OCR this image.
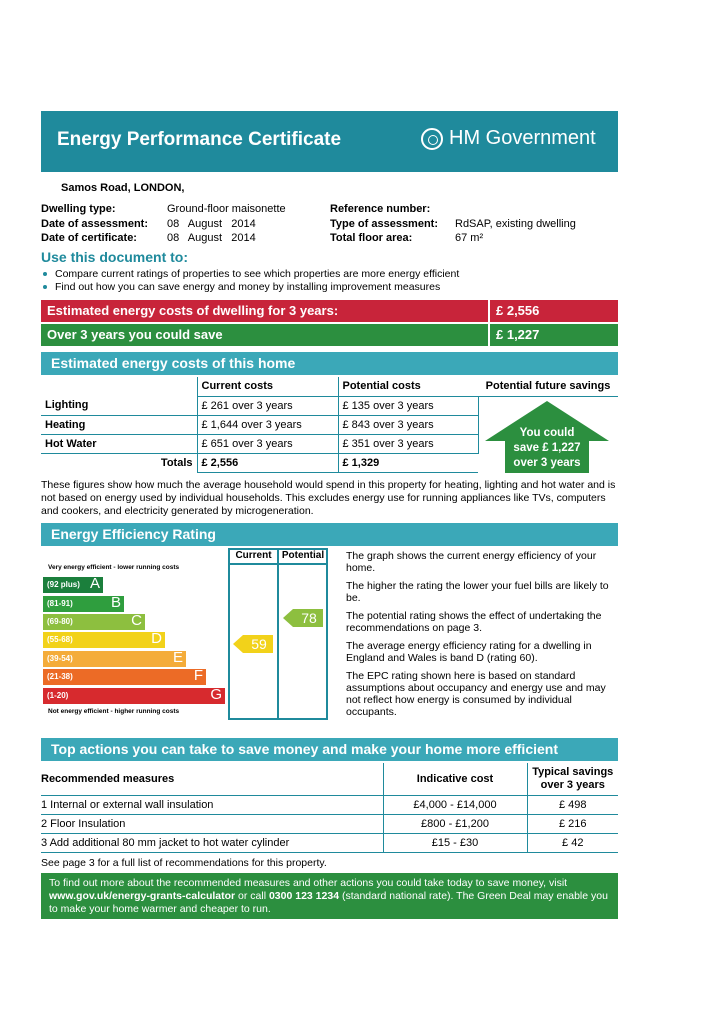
Energy Performance Certificate	HM Government
Samos Road, LONDON,
Dwelling type:	Ground-floor maisonette
Date of assessment:	08   August   2014
Date of certificate:	08   August   2014
Reference number:
Type of assessment:	RdSAP, existing dwelling
Total floor area:	67 m²
Use this document to:
Compare current ratings of properties to see which properties are more energy efficient
Find out how you can save energy and money by installing improvement measures
Estimated energy costs of dwelling for 3 years:	£ 2,556
Over 3 years you could save	£ 1,227
Estimated energy costs of this home
	Current costs	Potential costs
Lighting	£ 261 over 3 years	£ 135 over 3 years
Heating	£ 1,644 over 3 years	£ 843 over 3 years
Hot Water	£ 651 over 3 years	£ 351 over 3 years
Totals	£ 2,556	£ 1,329
Potential future savings
You could
save £ 1,227
over 3 years
These figures show how much the average household would spend in this property for heating, lighting and hot water and is not based on energy used by individual households. This excludes energy use for running appliances like TVs, computers and cookers, and electricity generated by microgeneration.
Energy Efficiency Rating
Current	Potential
Very energy efficient - lower running costs
(92 plus) A
(81-91)	B
(69-80)	C
(55-68)	D
(39-54)	E
(21-38)	F
(1-20)	G
Not energy efficient - higher running costs
59
78

The graph shows the current energy efficiency of your home.

The higher the rating the lower your fuel bills are likely to be.

The potential rating shows the effect of undertaking the recommendations on page 3.

The average energy efficiency rating for a dwelling in England and Wales is band D (rating 60).

The EPC rating shown here is based on standard assumptions about occupancy and energy use and may not reflect how energy is consumed by individual occupants.

Top actions you can take to save money and make your home more efficient
Recommended measures	Indicative cost	Typical savings
over 3 years

1 Internal or external wall insulation	£4,000 - £14,000	£ 498
2 Floor Insulation	£800 - £1,200	£ 216
3 Add additional 80 mm jacket to hot water cylinder	£15 - £30	£ 42
See page 3 for a full list of recommendations for this property.
To find out more about the recommended measures and other actions you could take today to save money, visit www.gov.uk/energy-grants-calculator or call 0300 123 1234 (standard national rate). The Green Deal may enable you to make your home warmer and cheaper to run.
